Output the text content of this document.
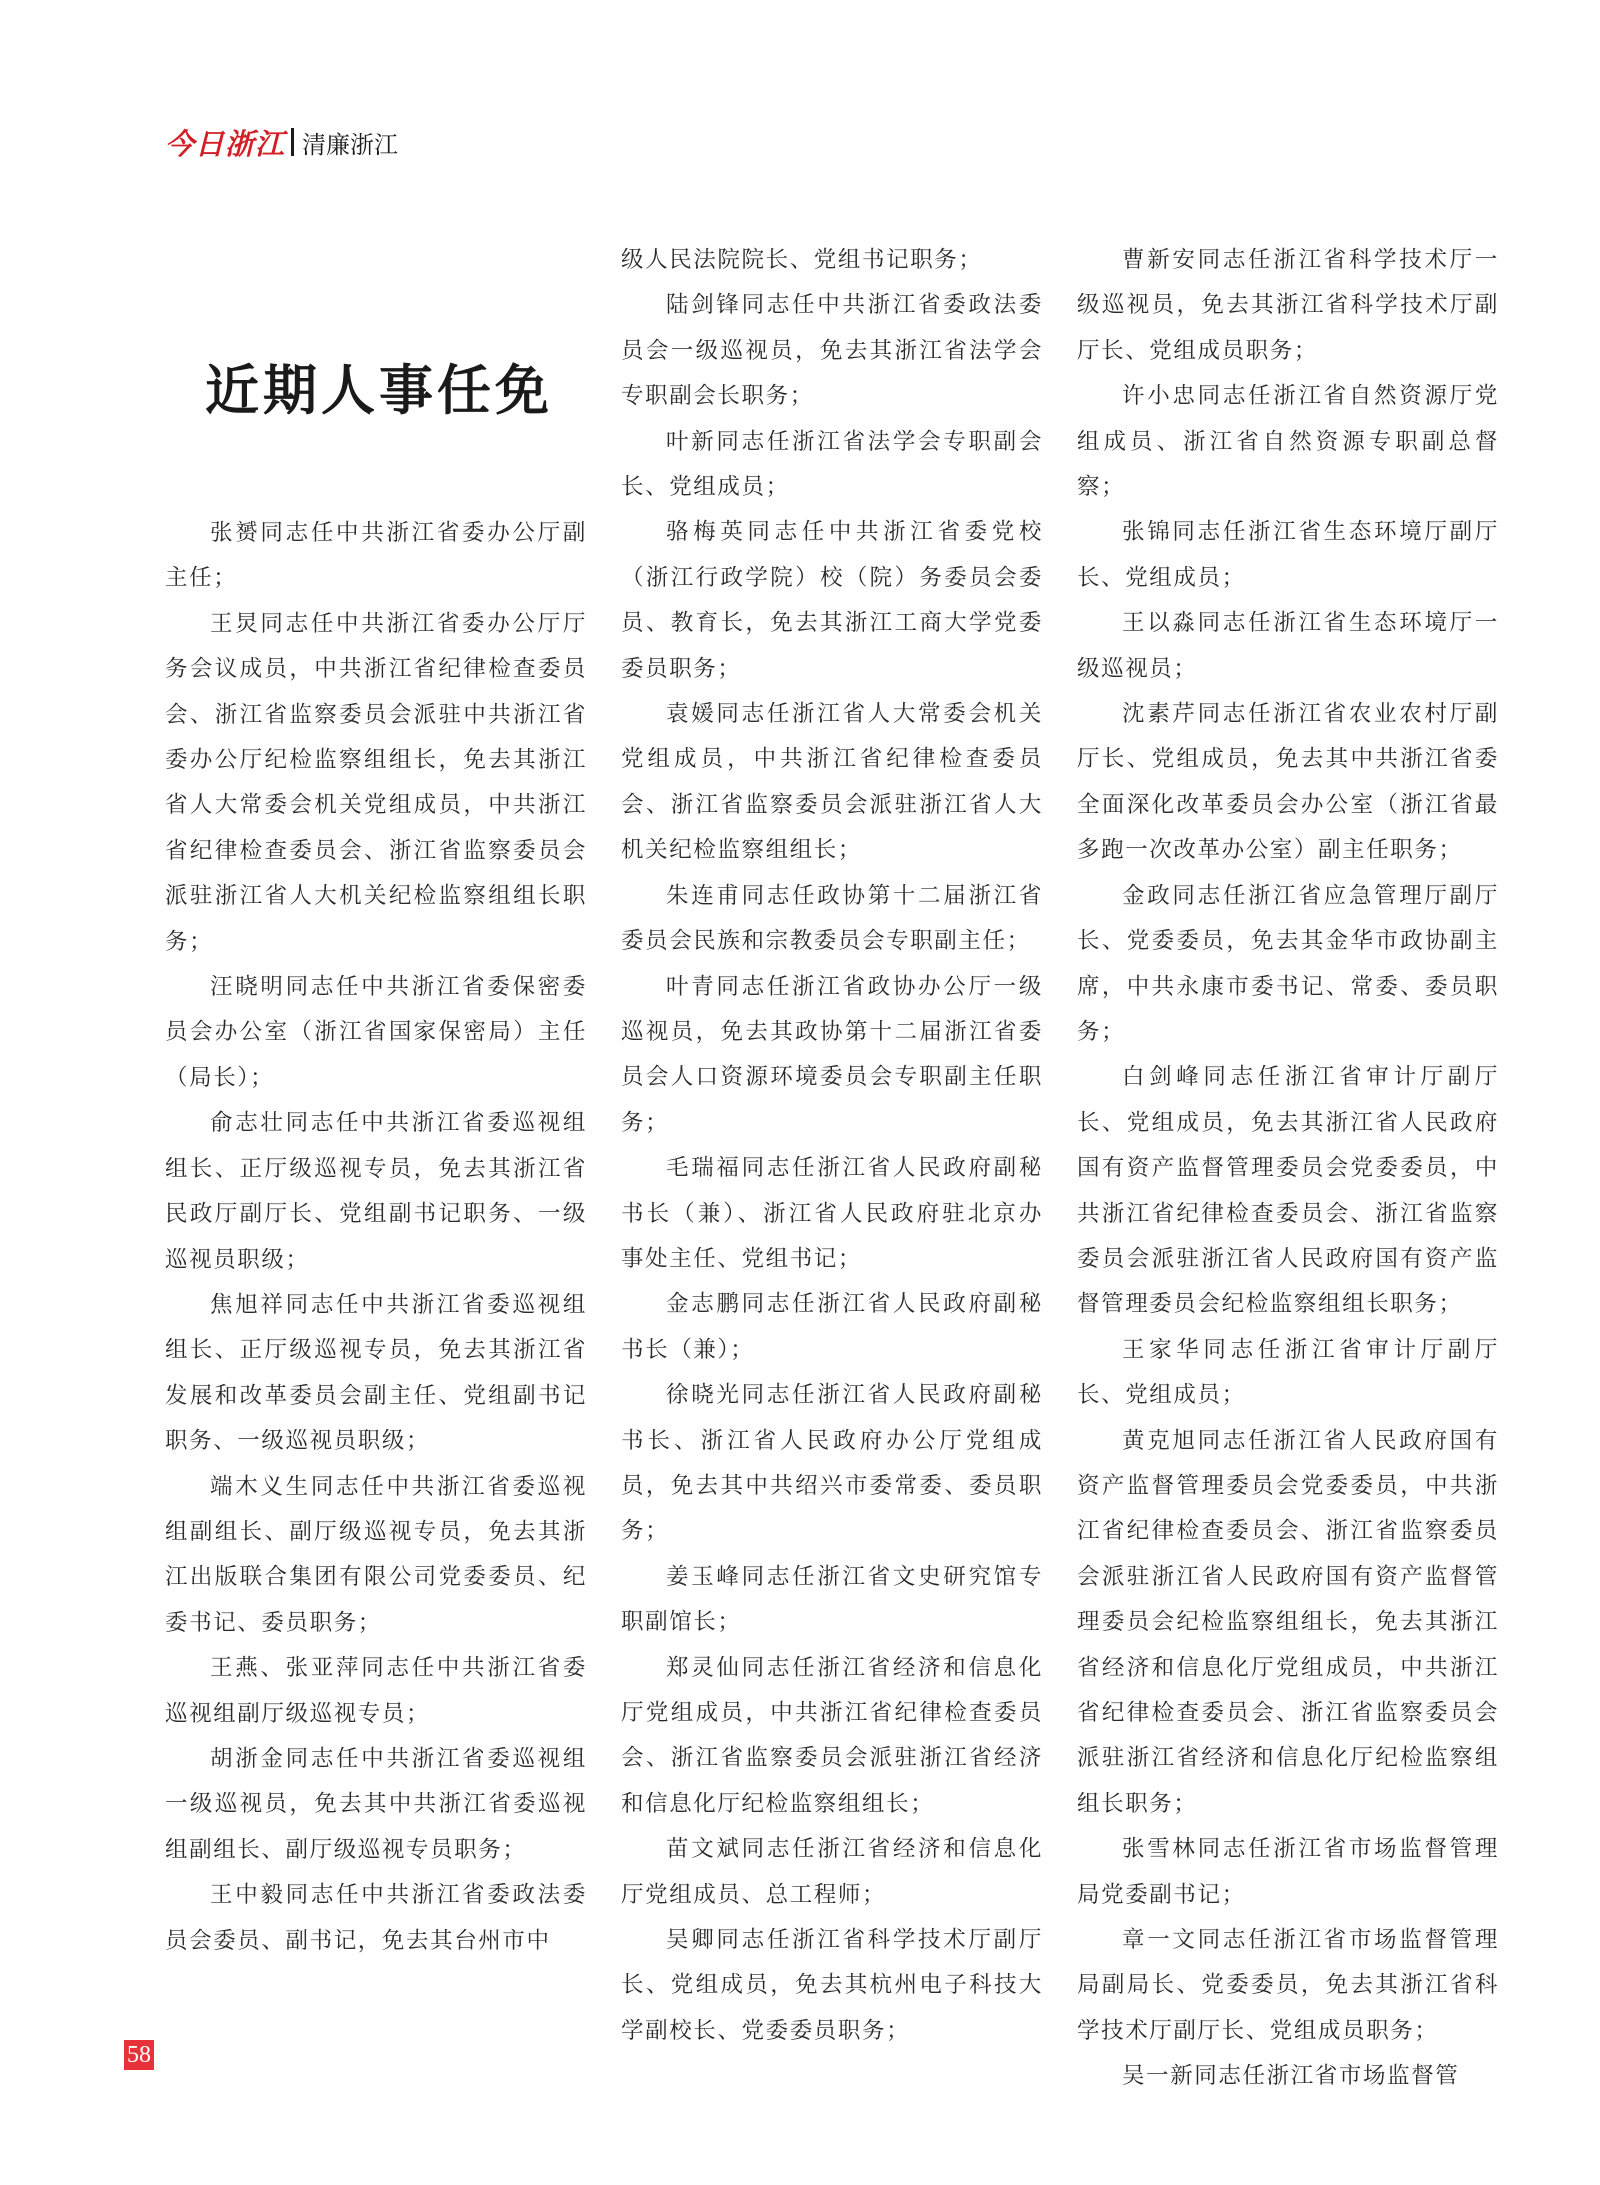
今日浙江 清廉浙江
近期人事任免

张赟同志任中共浙江省委办公厅副主任；

王炅同志任中共浙江省委办公厅厅务会议成员，中共浙江省纪律检查委员会、浙江省监察委员会派驻中共浙江省委办公厅纪检监察组组长，免去其浙江省人大常委会机关党组成员，中共浙江省纪律检查委员会、浙江省监察委员会派驻浙江省人大机关纪检监察组组长职务；

汪晓明同志任中共浙江省委保密委员会办公室（浙江省国家保密局）主任（局长）；

俞志壮同志任中共浙江省委巡视组组长、正厅级巡视专员，免去其浙江省民政厅副厅长、党组副书记职务、一级巡视员职级；

焦旭祥同志任中共浙江省委巡视组组长、正厅级巡视专员，免去其浙江省发展和改革委员会副主任、党组副书记职务、一级巡视员职级；

端木义生同志任中共浙江省委巡视组副组长、副厅级巡视专员，免去其浙江出版联合集团有限公司党委委员、纪委书记、委员职务；

王燕、张亚萍同志任中共浙江省委巡视组副厅级巡视专员；

胡浙金同志任中共浙江省委巡视组一级巡视员，免去其中共浙江省委巡视组副组长、副厅级巡视专员职务；

王中毅同志任中共浙江省委政法委员会委员、副书记，免去其台州市中

级人民法院院长、党组书记职务；

陆剑锋同志任中共浙江省委政法委员会一级巡视员，免去其浙江省法学会专职副会长职务；

叶新同志任浙江省法学会专职副会长、党组成员；

骆梅英同志任中共浙江省委党校（浙江行政学院）校（院）务委员会委员、教育长，免去其浙江工商大学党委委员职务；

袁媛同志任浙江省人大常委会机关党组成员，中共浙江省纪律检查委员会、浙江省监察委员会派驻浙江省人大机关纪检监察组组长；

朱连甫同志任政协第十二届浙江省委员会民族和宗教委员会专职副主任；

叶青同志任浙江省政协办公厅一级巡视员，免去其政协第十二届浙江省委员会人口资源环境委员会专职副主任职务；

毛瑞福同志任浙江省人民政府副秘书长（兼）、浙江省人民政府驻北京办事处主任、党组书记；

金志鹏同志任浙江省人民政府副秘书长（兼）；

徐晓光同志任浙江省人民政府副秘书长、浙江省人民政府办公厅党组成员，免去其中共绍兴市委常委、委员职务；

姜玉峰同志任浙江省文史研究馆专职副馆长；

郑灵仙同志任浙江省经济和信息化厅党组成员，中共浙江省纪律检查委员会、浙江省监察委员会派驻浙江省经济和信息化厅纪检监察组组长；

苗文斌同志任浙江省经济和信息化厅党组成员、总工程师；

吴卿同志任浙江省科学技术厅副厅长、党组成员，免去其杭州电子科技大学副校长、党委委员职务；

曹新安同志任浙江省科学技术厅一级巡视员，免去其浙江省科学技术厅副厅长、党组成员职务；

许小忠同志任浙江省自然资源厅党组成员、浙江省自然资源专职副总督察；

张锦同志任浙江省生态环境厅副厅长、党组成员；

王以淼同志任浙江省生态环境厅一级巡视员；

沈素芹同志任浙江省农业农村厅副厅长、党组成员，免去其中共浙江省委全面深化改革委员会办公室（浙江省最多跑一次改革办公室）副主任职务；

金政同志任浙江省应急管理厅副厅长、党委委员，免去其金华市政协副主席，中共永康市委书记、常委、委员职务；

白剑峰同志任浙江省审计厅副厅长、党组成员，免去其浙江省人民政府国有资产监督管理委员会党委委员，中共浙江省纪律检查委员会、浙江省监察委员会派驻浙江省人民政府国有资产监督管理委员会纪检监察组组长职务；

王家华同志任浙江省审计厅副厅长、党组成员；

黄克旭同志任浙江省人民政府国有资产监督管理委员会党委委员，中共浙江省纪律检查委员会、浙江省监察委员会派驻浙江省人民政府国有资产监督管理委员会纪检监察组组长，免去其浙江省经济和信息化厅党组成员，中共浙江省纪律检查委员会、浙江省监察委员会派驻浙江省经济和信息化厅纪检监察组组长职务；

张雪林同志任浙江省市场监督管理局党委副书记；

章一文同志任浙江省市场监督管理局副局长、党委委员，免去其浙江省科学技术厅副厅长、党组成员职务；

吴一新同志任浙江省市场监督管

58
